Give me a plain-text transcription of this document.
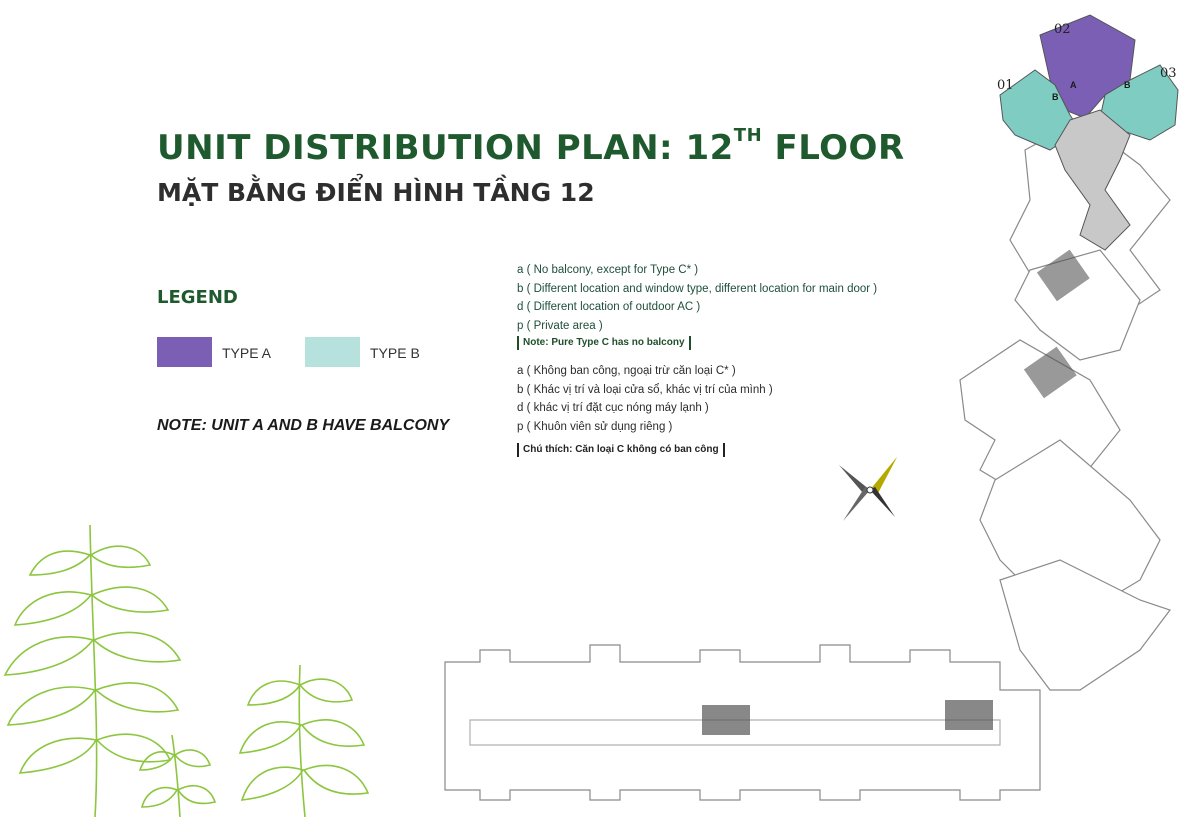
UNIT DISTRIBUTION PLAN: 12TH FLOOR
MẶT BẰNG ĐIỂN HÌNH TẦNG 12
LEGEND
TYPE A	TYPE B
NOTE: UNIT A AND B HAVE BALCONY
a ( No balcony, except for Type C* )
b ( Different location and window type, different location for main door )
d ( Different location of outdoor AC )
p ( Private area )
Note: Pure Type C has no balcony
a ( Không ban công, ngoại trừ căn loại C* )
b ( Khác vị trí và loại cửa sổ, khác vị trí của mình )
d ( khác vị trí đặt cục nóng máy lạnh )
p ( Khuôn viên sử dụng riêng )
Chú thích: Căn loại C không có ban công
01
02
03
B
A	B
